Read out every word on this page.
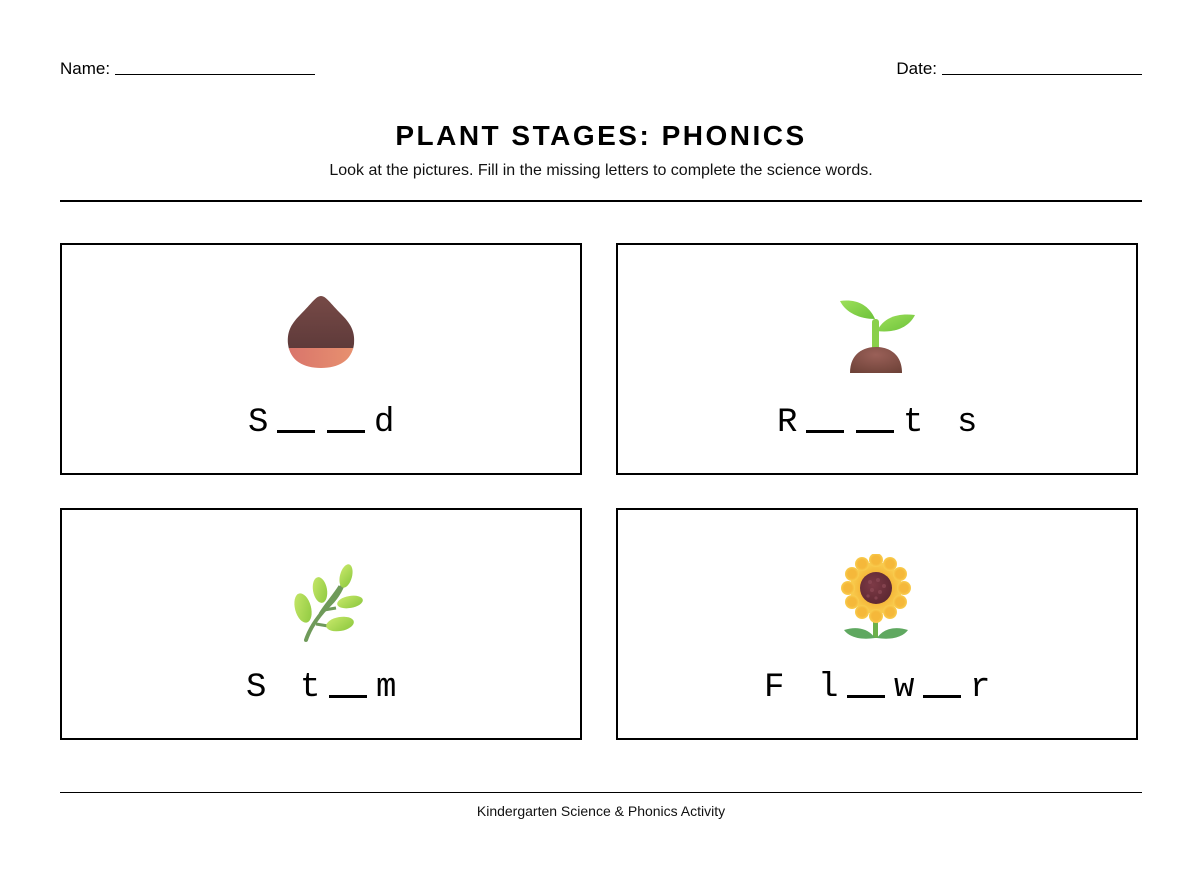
Name:	Date:
PLANT STAGES: PHONICS
Look at the pictures. Fill in the missing letters to complete the science words.
S	d	R	t s
S t m	F l w r
Kindergarten Science & Phonics Activity
